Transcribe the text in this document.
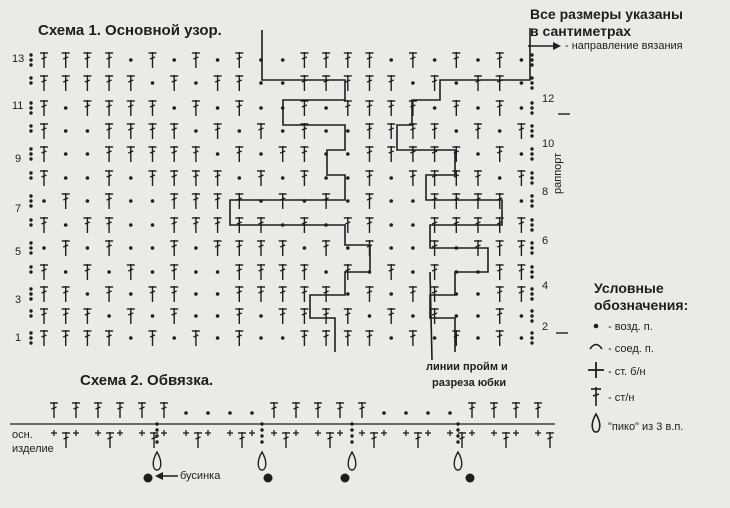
Схема 1. Основной узор.
Все размеры указаны
в сантиметрах
- направление вязания
линии пройм и
разреза юбки
раппорт
Условные
обозначения:
- возд. п.
- соед. п.
- ст. б/н
- ст/н
"пико" из 3 в.п.
Схема 2. Обвязка.
осн.
изделие
бусинка
13
11
9
7
5
3
1
12
10
8
6
4
2
